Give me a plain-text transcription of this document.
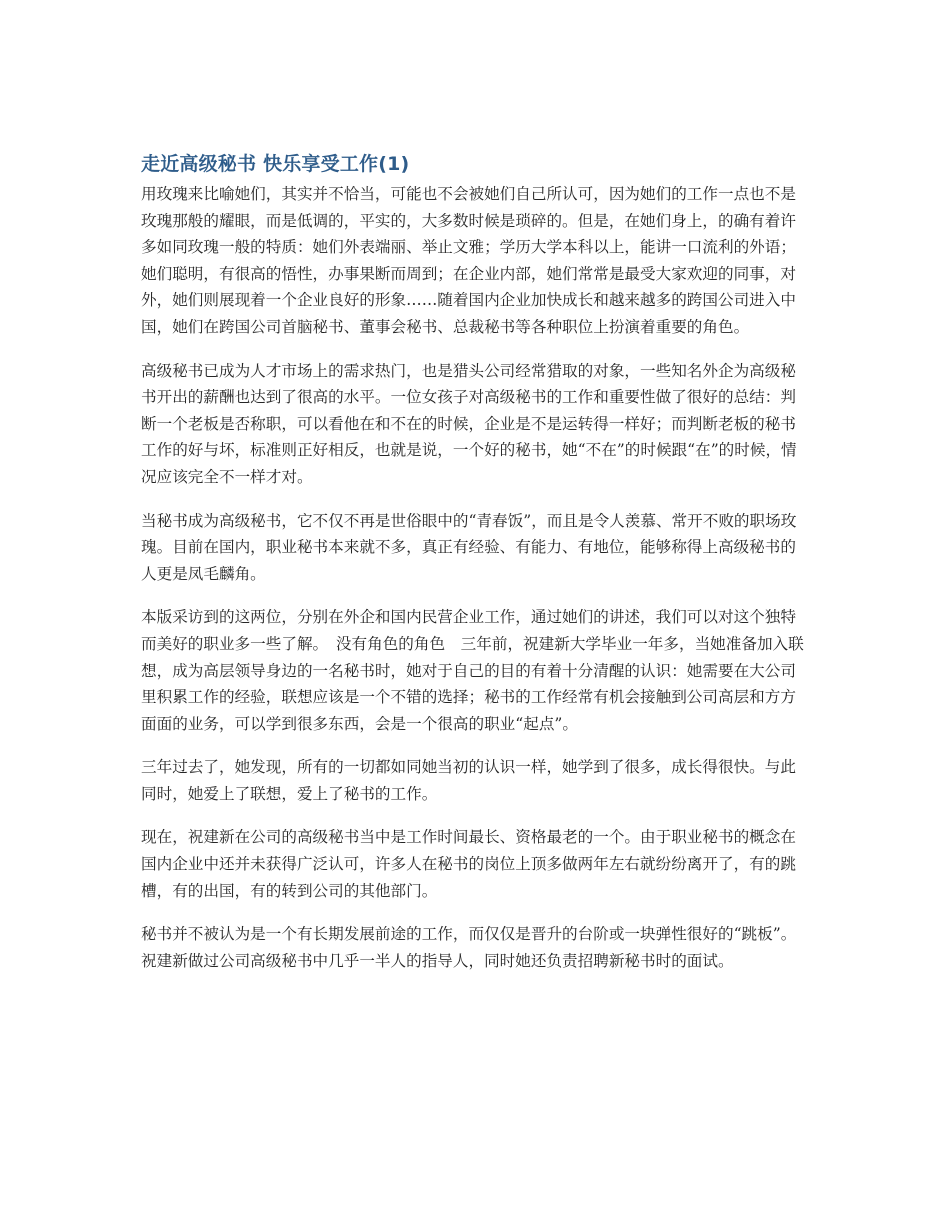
走近高级秘书 快乐享受工作(1)

用玫瑰来比喻她们，其实并不恰当，可能也不会被她们自己所认可，因为她们的工作一点也不是玫瑰那般的耀眼，而是低调的，平实的，大多数时候是琐碎的。但是，在她们身上，的确有着许多如同玫瑰一般的特质：她们外表端丽、举止文雅；学历大学本科以上，能讲一口流利的外语；她们聪明，有很高的悟性，办事果断而周到；在企业内部，她们常常是最受大家欢迎的同事，对外，她们则展现着一个企业良好的形象……随着国内企业加快成长和越来越多的跨国公司进入中国，她们在跨国公司首脑秘书、董事会秘书、总裁秘书等各种职位上扮演着重要的角色。

高级秘书已成为人才市场上的需求热门，也是猎头公司经常猎取的对象，一些知名外企为高级秘书开出的薪酬也达到了很高的水平。一位女孩子对高级秘书的工作和重要性做了很好的总结：判断一个老板是否称职，可以看他在和不在的时候，企业是不是运转得一样好；而判断老板的秘书工作的好与坏，标准则正好相反，也就是说，一个好的秘书，她“不在”的时候跟“在”的时候，情况应该完全不一样才对。

当秘书成为高级秘书，它不仅不再是世俗眼中的“青春饭”，而且是令人羡慕、常开不败的职场玫瑰。目前在国内，职业秘书本来就不多，真正有经验、有能力、有地位，能够称得上高级秘书的人更是凤毛麟角。

本版采访到的这两位，分别在外企和国内民营企业工作，通过她们的讲述，我们可以对这个独特而美好的职业多一些了解。　没有角色的角色　三年前，祝建新大学毕业一年多，当她准备加入联想，成为高层领导身边的一名秘书时，她对于自己的目的有着十分清醒的认识：她需要在大公司里积累工作的经验，联想应该是一个不错的选择；秘书的工作经常有机会接触到公司高层和方方面面的业务，可以学到很多东西，会是一个很高的职业“起点”。

三年过去了，她发现，所有的一切都如同她当初的认识一样，她学到了很多，成长得很快。与此同时，她爱上了联想，爱上了秘书的工作。

现在，祝建新在公司的高级秘书当中是工作时间最长、资格最老的一个。由于职业秘书的概念在国内企业中还并未获得广泛认可，许多人在秘书的岗位上顶多做两年左右就纷纷离开了，有的跳槽，有的出国，有的转到公司的其他部门。

秘书并不被认为是一个有长期发展前途的工作，而仅仅是晋升的台阶或一块弹性很好的“跳板”。祝建新做过公司高级秘书中几乎一半人的指导人，同时她还负责招聘新秘书时的面试。
